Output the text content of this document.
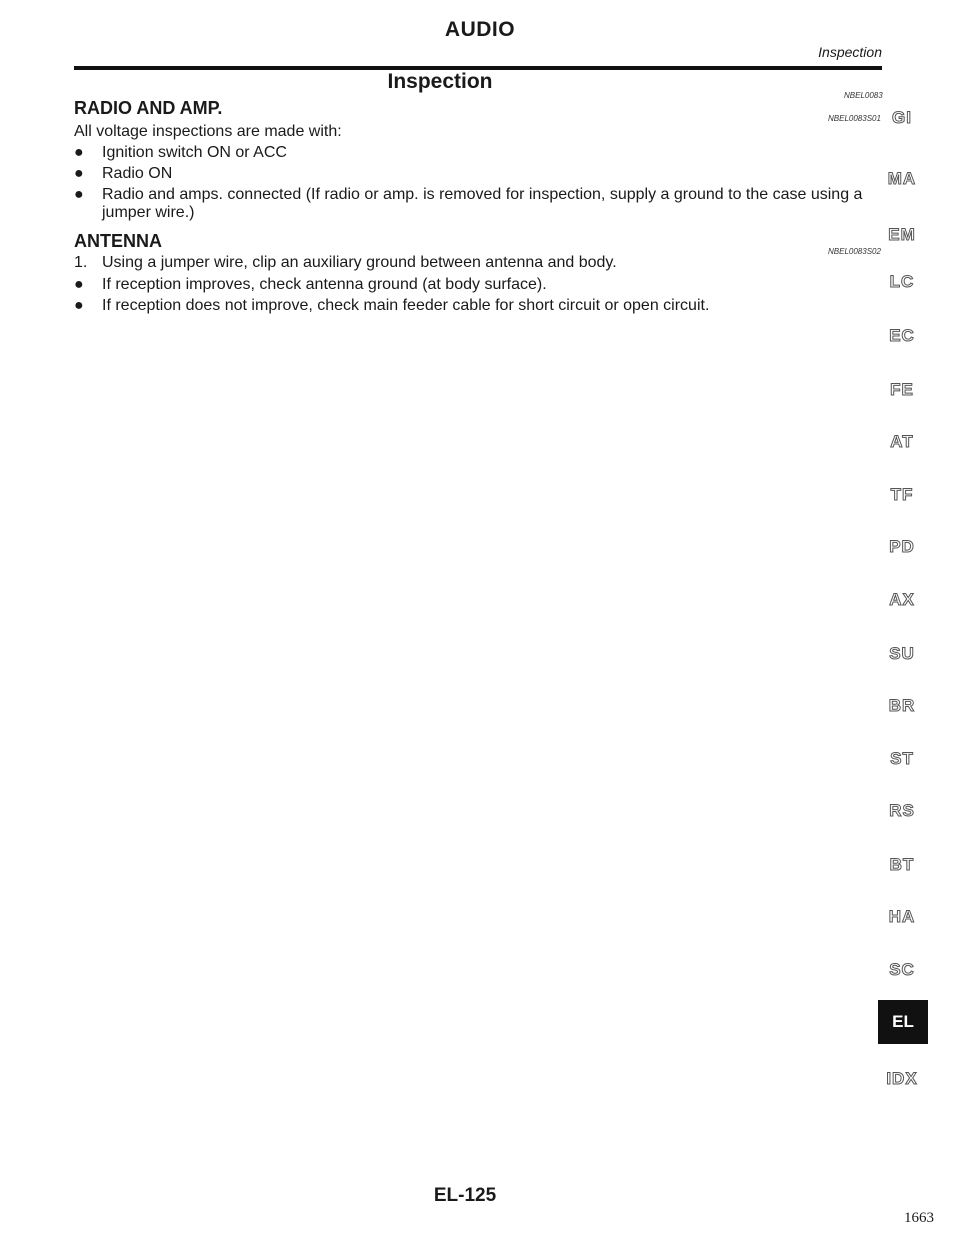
AUDIO
Inspection
Inspection
NBEL0083
RADIO AND AMP.
NBEL0083S01
All voltage inspections are made with:
●	Ignition switch ON or ACC
●	Radio ON
●	Radio and amps. connected (If radio or amp. is removed for inspection, supply a ground to the case using a jumper wire.)
ANTENNA
NBEL0083S02
1. Using a jumper wire, clip an auxiliary ground between antenna and body.
●	If reception improves, check antenna ground (at body surface).
●	If reception does not improve, check main feeder cable for short circuit or open circuit.
GI
MA
EM
LC
EC
FE
AT
TF
PD
AX
SU
BR
ST
RS
BT
HA
SC
EL
IDX
EL-125
1663
